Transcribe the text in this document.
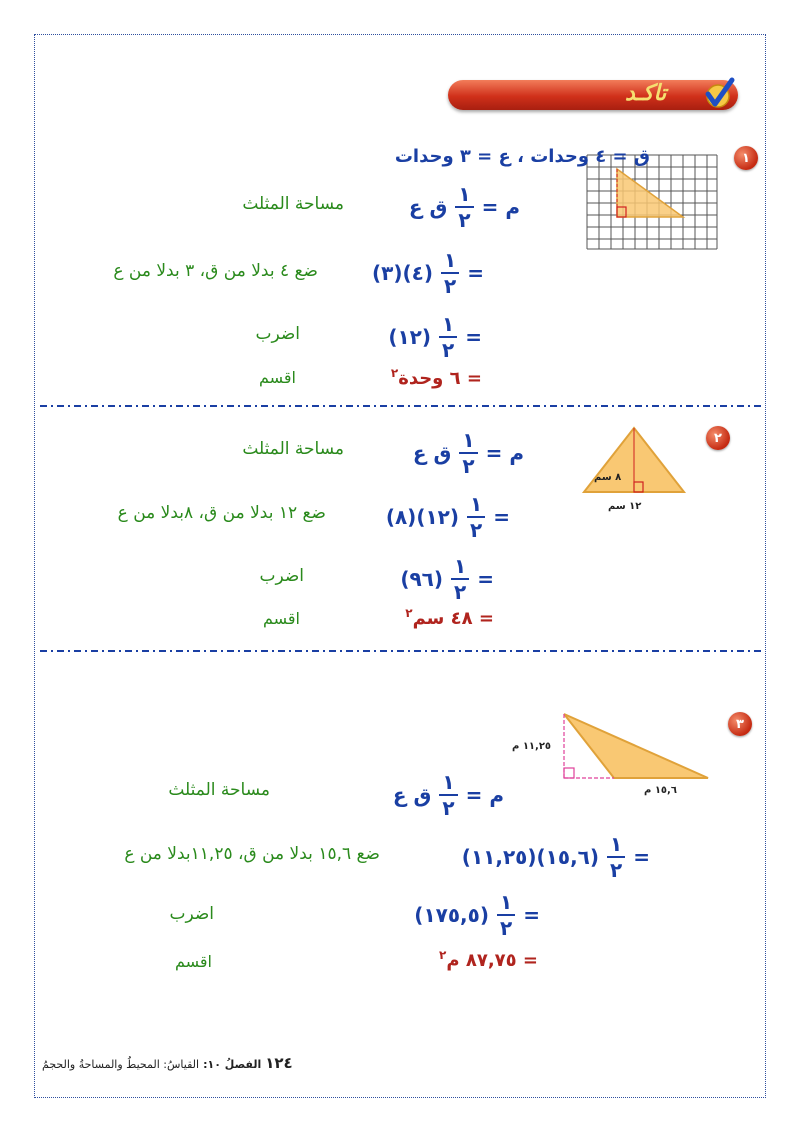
تاكـد
١
ق = ٤ وحدات ، ع = ٣ وحدات
م =
$\frac{١}{٢}$
ق ع
مساحة المثلث
=
$\frac{١}{٢}$
(٤)(٣)
ضع ٤ بدلا من ق، ٣ بدلا من ع
=
$\frac{١}{٢}$
(١٢)
اضرب
= ٦ وحدة$^٢$
اقسم
٢
٨ سم
١٢ سم
م =
$\frac{١}{٢}$
ق ع
مساحة المثلث
=
$\frac{١}{٢}$
(١٢)(٨)
ضع ١٢ بدلا من ق، ٨بدلا من ع
=
$\frac{١}{٢}$
(٩٦)
اضرب
= ٤٨ سم$^٢$
اقسم
٣
١١,٢٥ م
١٥,٦ م
م =
$\frac{١}{٢}$
ق ع
مساحة المثلث
=
$\frac{١}{٢}$
(١٥,٦)(١١,٢٥)
ضع ١٥,٦ بدلا من ق، ١١,٢٥بدلا من ع
=
$\frac{١}{٢}$
(١٧٥,٥)
اضرب
= ٨٧,٧٥ م$^٢$
اقسم
١٢٤
الفصلُ ١٠:
القياسُ: المحيطُ والمساحةُ والحجمُ
